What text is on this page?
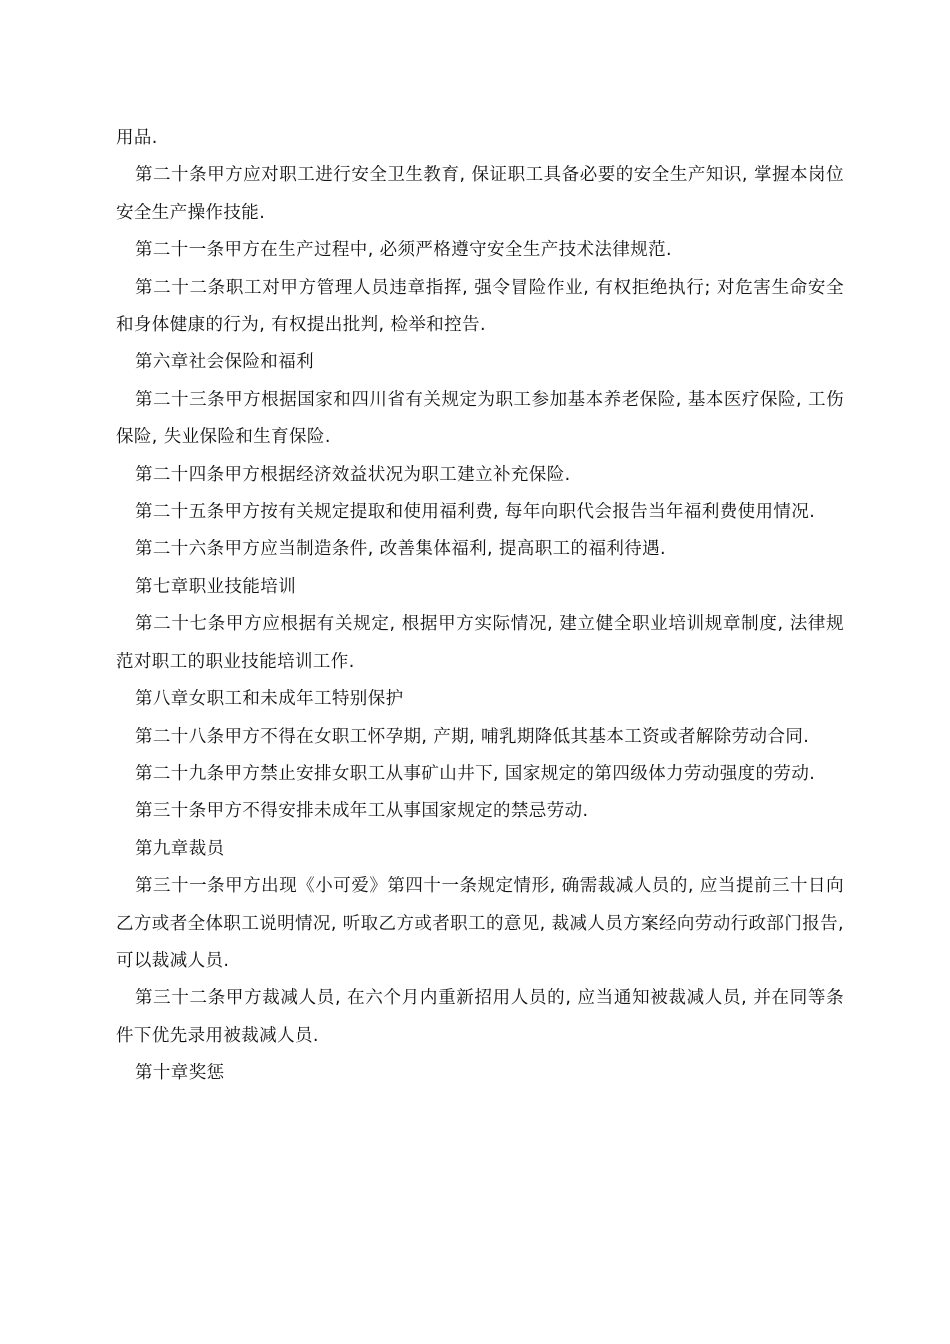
用品.

第二十条甲方应对职工进行安全卫生教育, 保证职工具备必要的安全生产知识, 掌握本岗位安全生产操作技能.

第二十一条甲方在生产过程中, 必须严格遵守安全生产技术法律规范.

第二十二条职工对甲方管理人员违章指挥, 强令冒险作业, 有权拒绝执行; 对危害生命安全和身体健康的行为, 有权提出批判, 检举和控告.

第六章社会保险和福利

第二十三条甲方根据国家和四川省有关规定为职工参加基本养老保险, 基本医疗保险, 工伤保险, 失业保险和生育保险.

第二十四条甲方根据经济效益状况为职工建立补充保险.

第二十五条甲方按有关规定提取和使用福利费, 每年向职代会报告当年福利费使用情况.

第二十六条甲方应当制造条件, 改善集体福利, 提高职工的福利待遇.

第七章职业技能培训

第二十七条甲方应根据有关规定, 根据甲方实际情况, 建立健全职业培训规章制度, 法律规范对职工的职业技能培训工作.

第八章女职工和未成年工特别保护

第二十八条甲方不得在女职工怀孕期, 产期, 哺乳期降低其基本工资或者解除劳动合同.

第二十九条甲方禁止安排女职工从事矿山井下, 国家规定的第四级体力劳动强度的劳动.

第三十条甲方不得安排未成年工从事国家规定的禁忌劳动.

第九章裁员

第三十一条甲方出现《小可爱》第四十一条规定情形, 确需裁减人员的, 应当提前三十日向乙方或者全体职工说明情况, 听取乙方或者职工的意见, 裁减人员方案经向劳动行政部门报告, 可以裁减人员.

第三十二条甲方裁减人员, 在六个月内重新招用人员的, 应当通知被裁减人员, 并在同等条件下优先录用被裁减人员.

第十章奖惩
